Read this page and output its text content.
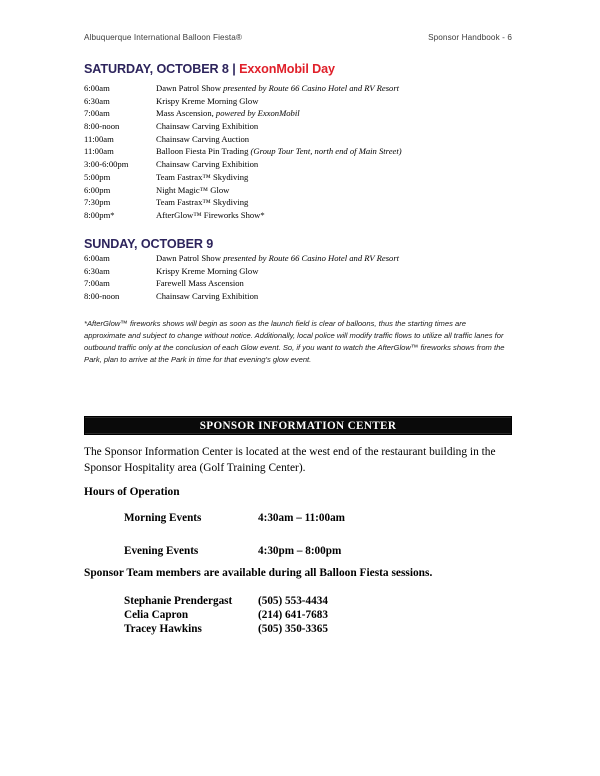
Albuquerque International Balloon Fiesta®	Sponsor Handbook - 6
SATURDAY, OCTOBER 8 | ExxonMobil Day
6:00am	Dawn Patrol Show presented by Route 66 Casino Hotel and RV Resort
6:30am	Krispy Kreme Morning Glow
7:00am	Mass Ascension, powered by ExxonMobil
8:00-noon	Chainsaw Carving Exhibition
11:00am	Chainsaw Carving Auction
11:00am	Balloon Fiesta Pin Trading (Group Tour Tent, north end of Main Street)
3:00-6:00pm	Chainsaw Carving Exhibition
5:00pm	Team Fastrax™ Skydiving
6:00pm	Night Magic™ Glow
7:30pm	Team Fastrax™ Skydiving
8:00pm*	AfterGlow™ Fireworks Show*
SUNDAY, OCTOBER 9
6:00am	Dawn Patrol Show presented by Route 66 Casino Hotel and RV Resort
6:30am	Krispy Kreme Morning Glow
7:00am	Farewell Mass Ascension
8:00-noon	Chainsaw Carving Exhibition
*AfterGlow™ fireworks shows will begin as soon as the launch field is clear of balloons, thus the starting times are approximate and subject to change without notice. Additionally, local police will modify traffic flows to utilize all traffic lanes for outbound traffic only at the conclusion of each Glow event. So, if you want to watch the AfterGlow™ fireworks shows from the Park, plan to arrive at the Park in time for that evening's glow event.
SPONSOR INFORMATION CENTER
The Sponsor Information Center is located at the west end of the restaurant building in the Sponsor Hospitality area (Golf Training Center).
Hours of Operation
Morning Events	4:30am – 11:00am
Evening Events	4:30pm – 8:00pm
Sponsor Team members are available during all Balloon Fiesta sessions.
Stephanie Prendergast	(505) 553-4434
Celia Capron	(214) 641-7683
Tracey Hawkins	(505) 350-3365
